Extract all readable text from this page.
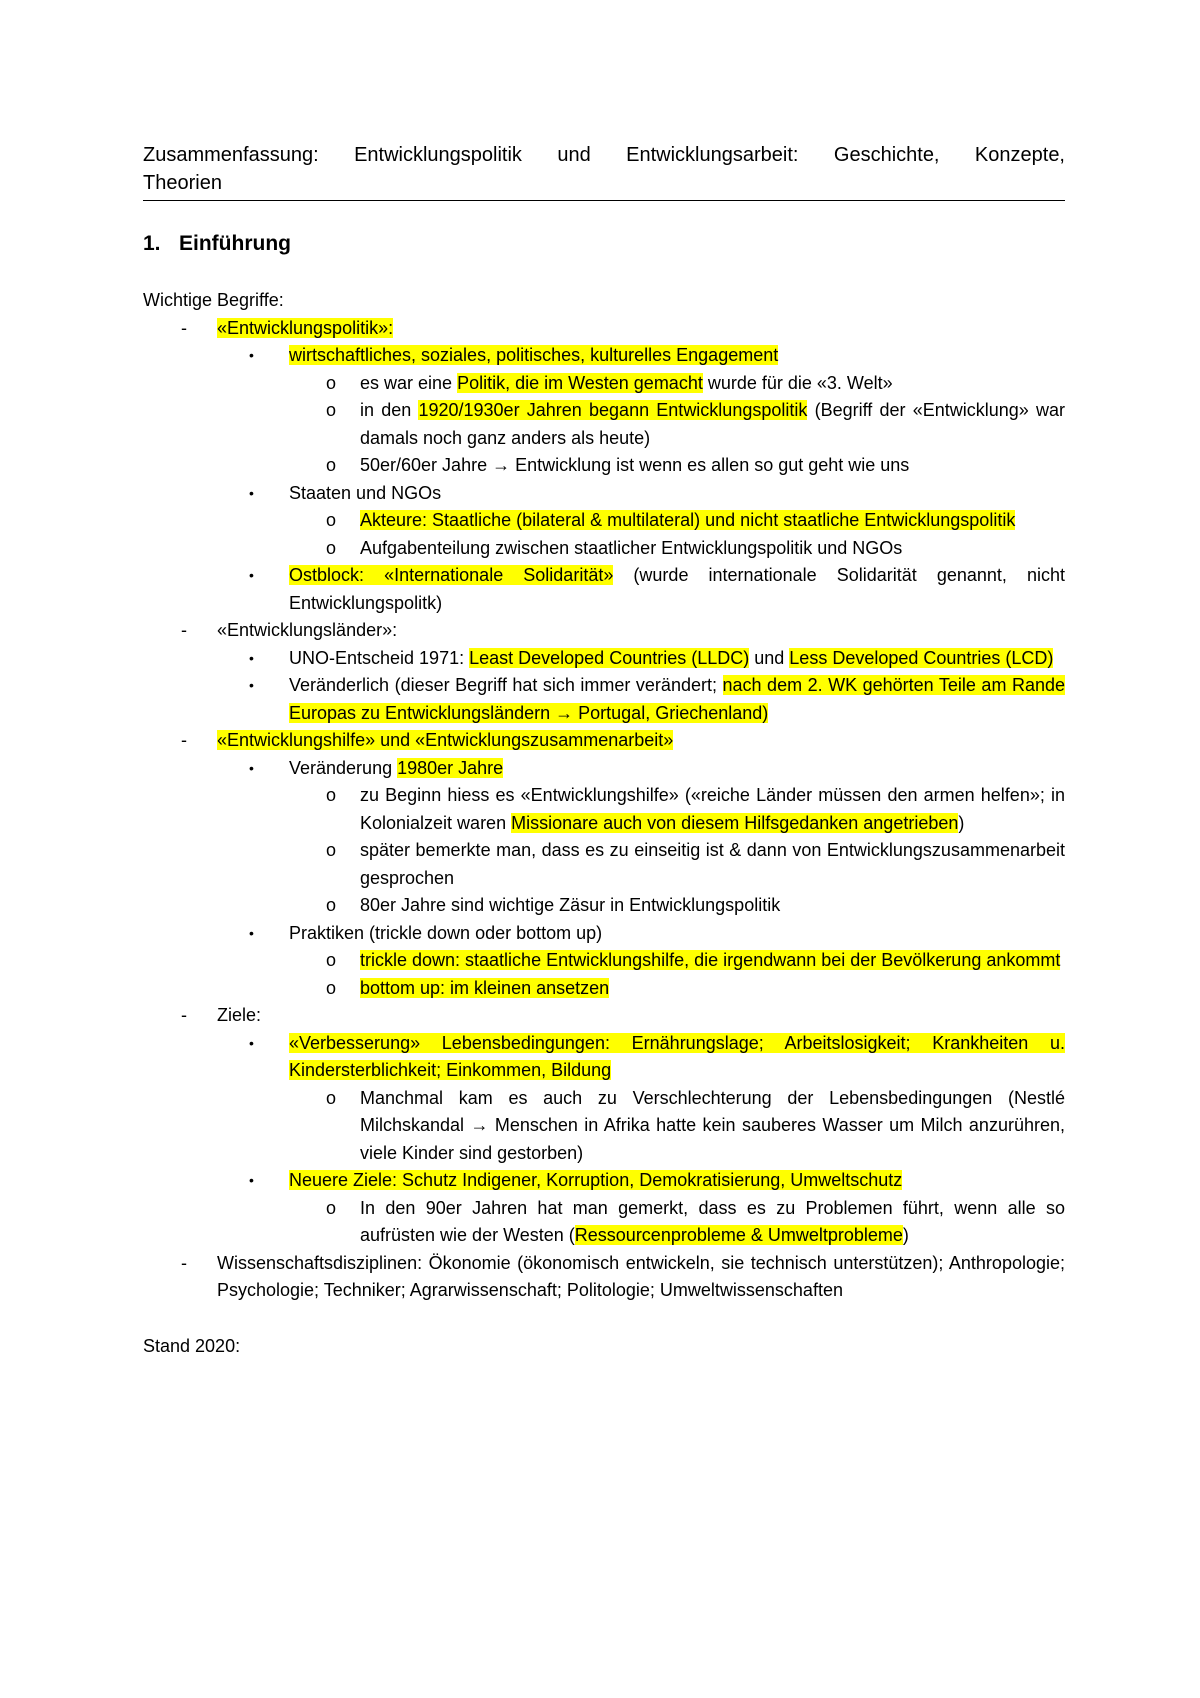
Zusammenfassung: Entwicklungspolitik und Entwicklungsarbeit: Geschichte, Konzepte,
Theorien
1. Einführung
Wichtige Begriffe:
- «Entwicklungspolitik»:
• wirtschaftliches, soziales, politisches, kulturelles Engagement
o es war eine Politik, die im Westen gemacht wurde für die «3. Welt»
o in den 1920/1930er Jahren begann Entwicklungspolitik (Begriff der «Entwicklung» war damals noch ganz anders als heute)
o 50er/60er Jahre → Entwicklung ist wenn es allen so gut geht wie uns
• Staaten und NGOs
o Akteure: Staatliche (bilateral & multilateral) und nicht staatliche Entwicklungspolitik
o Aufgabenteilung zwischen staatlicher Entwicklungspolitik und NGOs
• Ostblock: «Internationale Solidarität» (wurde internationale Solidarität genannt, nicht Entwicklungspolitk)
- «Entwicklungsländer»:
• UNO-Entscheid 1971: Least Developed Countries (LLDC) und Less Developed Countries (LCD)
• Veränderlich (dieser Begriff hat sich immer verändert; nach dem 2. WK gehörten Teile am Rande Europas zu Entwicklungsländern → Portugal, Griechenland)
- «Entwicklungshilfe» und «Entwicklungszusammenarbeit»
• Veränderung 1980er Jahre
o zu Beginn hiess es «Entwicklungshilfe» («reiche Länder müssen den armen helfen»; in Kolonialzeit waren Missionare auch von diesem Hilfsgedanken angetrieben)
o später bemerkte man, dass es zu einseitig ist & dann von Entwicklungszusammenarbeit gesprochen
o 80er Jahre sind wichtige Zäsur in Entwicklungspolitik
• Praktiken (trickle down oder bottom up)
o trickle down: staatliche Entwicklungshilfe, die irgendwann bei der Bevölkerung ankommt
o bottom up: im kleinen ansetzen
- Ziele:
• «Verbesserung» Lebensbedingungen: Ernährungslage; Arbeitslosigkeit; Krankheiten u. Kindersterblichkeit; Einkommen, Bildung
o Manchmal kam es auch zu Verschlechterung der Lebensbedingungen (Nestlé Milchskandal → Menschen in Afrika hatte kein sauberes Wasser um Milch anzurühren, viele Kinder sind gestorben)
• Neuere Ziele: Schutz Indigener, Korruption, Demokratisierung, Umweltschutz
o In den 90er Jahren hat man gemerkt, dass es zu Problemen führt, wenn alle so aufrüsten wie der Westen (Ressourcenprobleme & Umweltprobleme)
- Wissenschaftsdisziplinen: Ökonomie (ökonomisch entwickeln, sie technisch unterstützen); Anthropologie; Psychologie; Techniker; Agrarwissenschaft; Politologie; Umweltwissenschaften
Stand 2020:
